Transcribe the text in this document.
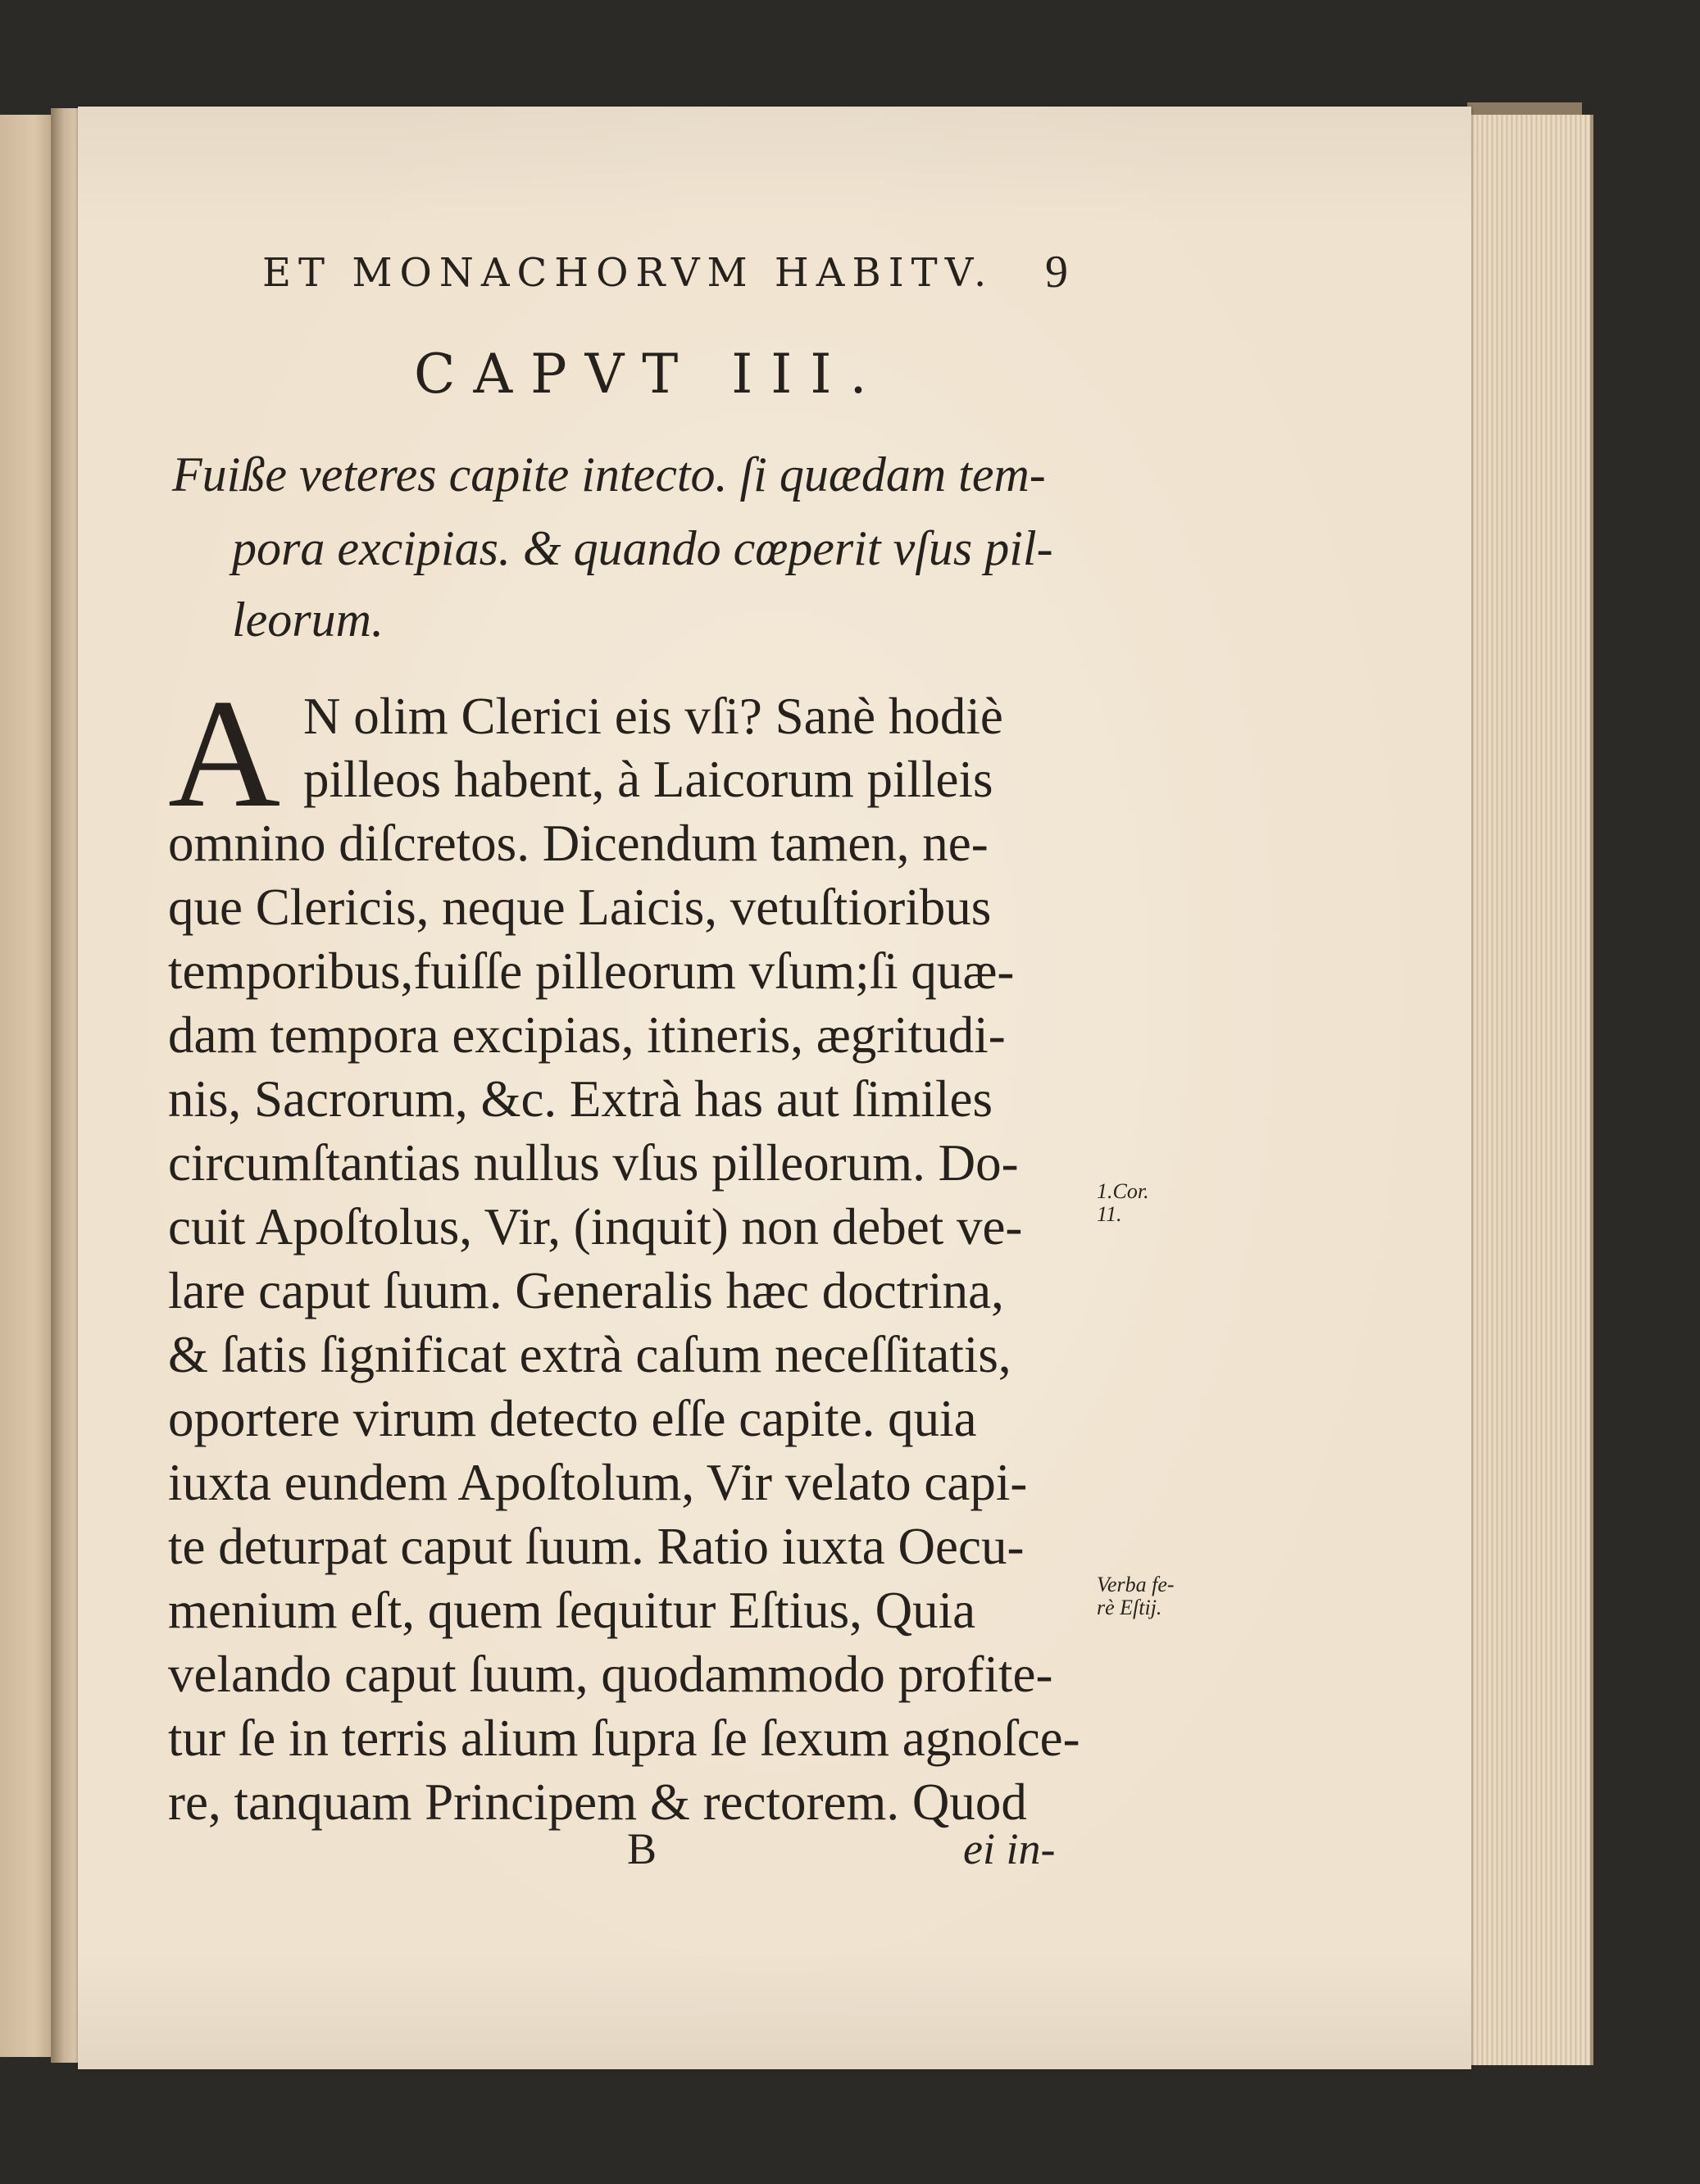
ET MONACHORVM HABITV. 9
CAPVT III.
Fuiße veteres capite intecto. ſi quædam tem-
pora excipias. & quando cœperit vſus pil-
leorum.
A N olim Clerici eis vſi? Sanè hodiè
pilleos habent, à Laicorum pilleis
omnino diſcretos. Dicendum tamen, ne-
que Clericis, neque Laicis, vetuſtioribus
temporibus,fuiſſe pilleorum vſum;ſi quæ-
dam tempora excipias, itineris, ægritudi-
nis, Sacrorum, &c. Extrà has aut ſimiles
circumſtantias nullus vſus pilleorum. Do-
cuit Apoſtolus, Vir, (inquit) non debet ve-
lare caput ſuum. Generalis hæc doctrina,
& ſatis ſignificat extrà caſum neceſſitatis,
oportere virum detecto eſſe capite. quia
iuxta eundem Apoſtolum, Vir velato capi-
te deturpat caput ſuum. Ratio iuxta Oecu-
menium eſt, quem ſequitur Eſtius, Quia
velando caput ſuum, quodammodo profite-
tur ſe in terris alium ſupra ſe ſexum agnoſce-
re, tanquam Principem & rectorem. Quod
B	ei in-
1.Cor.
11.
Verba fe-
rè Eſtij.
